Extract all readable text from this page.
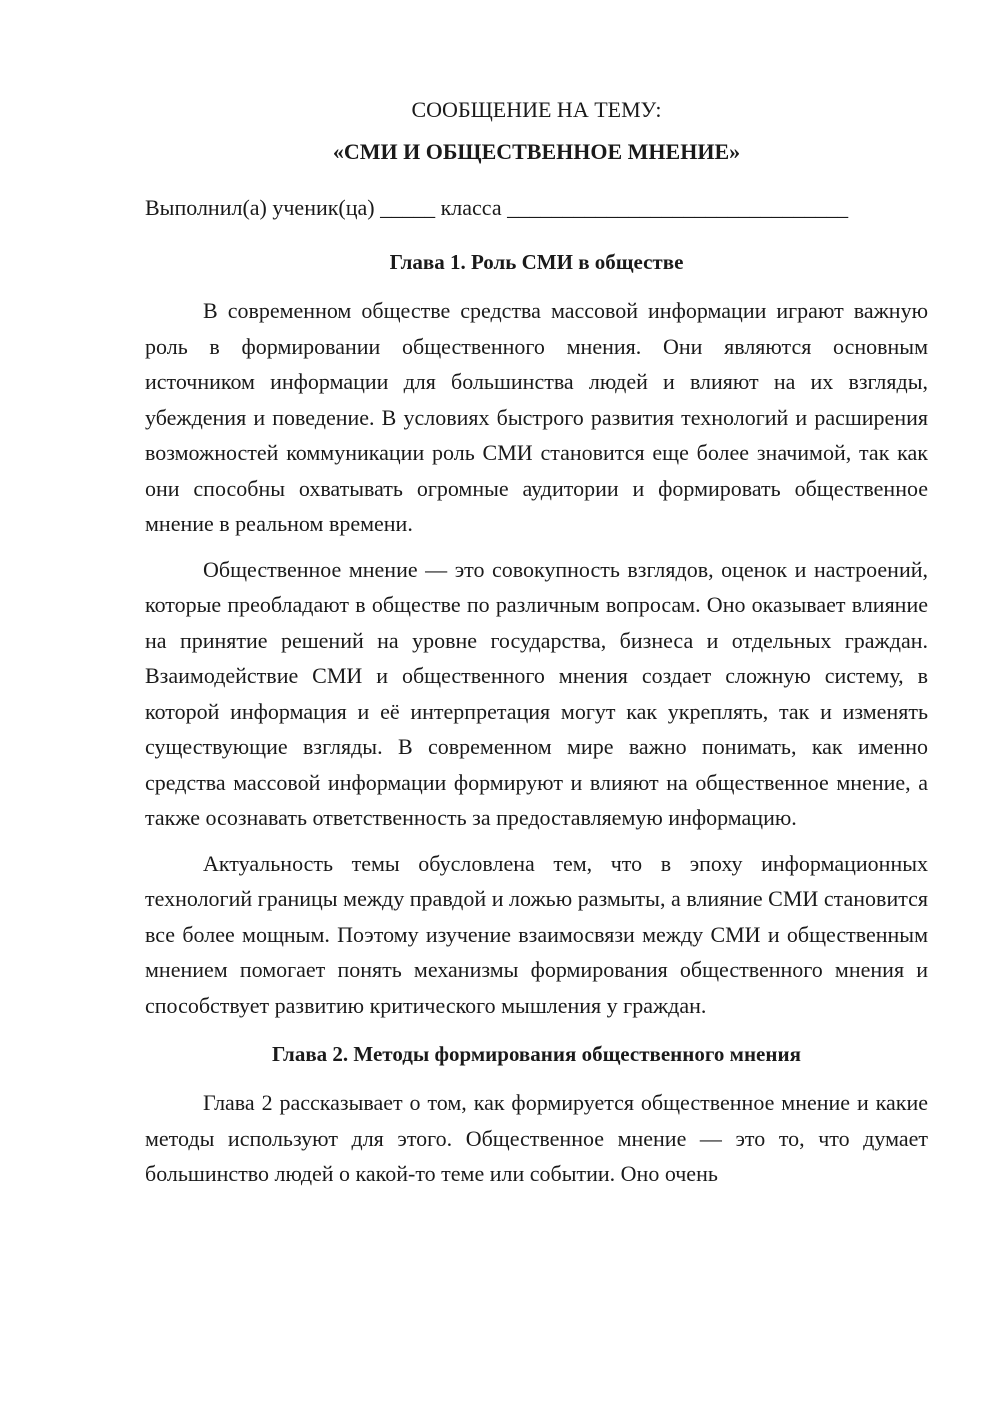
СООБЩЕНИЕ НА ТЕМУ:

«СМИ И ОБЩЕСТВЕННОЕ МНЕНИЕ»

Выполнил(а) ученик(ца) _____ класса _______________________________
Глава 1. Роль СМИ в обществе

В современном обществе средства массовой информации играют важную роль в формировании общественного мнения. Они являются основным источником информации для большинства людей и влияют на их взгляды, убеждения и поведение. В условиях быстрого развития технологий и расширения возможностей коммуникации роль СМИ становится еще более значимой, так как они способны охватывать огромные аудитории и формировать общественное мнение в реальном времени.

Общественное мнение — это совокупность взглядов, оценок и настроений, которые преобладают в обществе по различным вопросам. Оно оказывает влияние на принятие решений на уровне государства, бизнеса и отдельных граждан. Взаимодействие СМИ и общественного мнения создает сложную систему, в которой информация и её интерпретация могут как укреплять, так и изменять существующие взгляды. В современном мире важно понимать, как именно средства массовой информации формируют и влияют на общественное мнение, а также осознавать ответственность за предоставляемую информацию.

Актуальность темы обусловлена тем, что в эпоху информационных технологий границы между правдой и ложью размыты, а влияние СМИ становится все более мощным. Поэтому изучение взаимосвязи между СМИ и общественным мнением помогает понять механизмы формирования общественного мнения и способствует развитию критического мышления у граждан.

Глава 2. Методы формирования общественного мнения

Глава 2 рассказывает о том, как формируется общественное мнение и какие методы используют для этого. Общественное мнение — это то, что думает большинство людей о какой-то теме или событии. Оно очень
